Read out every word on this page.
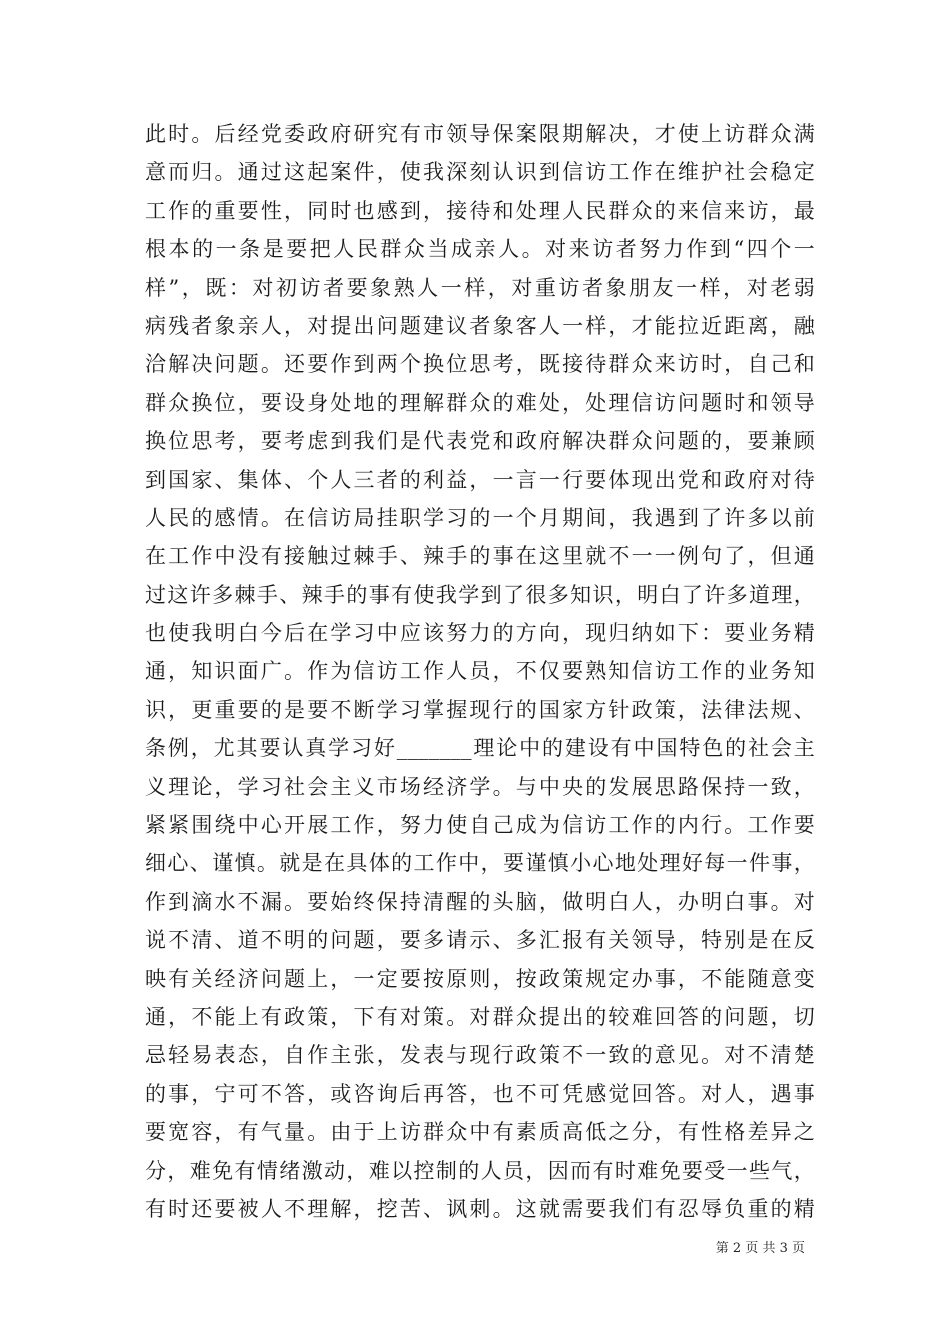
此时。后经党委政府研究有市领导保案限期解决，才使上访群众满
意而归。通过这起案件，使我深刻认识到信访工作在维护社会稳定
工作的重要性，同时也感到，接待和处理人民群众的来信来访，最
根本的一条是要把人民群众当成亲人。对来访者努力作到“四个一
样”，既：对初访者要象熟人一样，对重访者象朋友一样，对老弱
病残者象亲人，对提出问题建议者象客人一样，才能拉近距离，融
洽解决问题。还要作到两个换位思考，既接待群众来访时，自己和
群众换位，要设身处地的理解群众的难处，处理信访问题时和领导
换位思考，要考虑到我们是代表党和政府解决群众问题的，要兼顾
到国家、集体、个人三者的利益，一言一行要体现出党和政府对待
人民的感情。在信访局挂职学习的一个月期间，我遇到了许多以前
在工作中没有接触过棘手、辣手的事在这里就不一一例句了，但通
过这许多棘手、辣手的事有使我学到了很多知识，明白了许多道理，
也使我明白今后在学习中应该努力的方向，现归纳如下：要业务精
通，知识面广。作为信访工作人员，不仅要熟知信访工作的业务知
识，更重要的是要不断学习掌握现行的国家方针政策，法律法规、
条例，尤其要认真学习好_______理论中的建设有中国特色的社会主
义理论，学习社会主义市场经济学。与中央的发展思路保持一致，
紧紧围绕中心开展工作，努力使自己成为信访工作的内行。工作要
细心、谨慎。就是在具体的工作中，要谨慎小心地处理好每一件事，
作到滴水不漏。要始终保持清醒的头脑，做明白人，办明白事。对
说不清、道不明的问题，要多请示、多汇报有关领导，特别是在反
映有关经济问题上，一定要按原则，按政策规定办事，不能随意变
通，不能上有政策，下有对策。对群众提出的较难回答的问题，切
忌轻易表态，自作主张，发表与现行政策不一致的意见。对不清楚
的事，宁可不答，或咨询后再答，也不可凭感觉回答。对人，遇事
要宽容，有气量。由于上访群众中有素质高低之分，有性格差异之
分，难免有情绪激动，难以控制的人员，因而有时难免要受一些气，
有时还要被人不理解，挖苦、讽刺。这就需要我们有忍辱负重的精
第 2 页 共 3 页
